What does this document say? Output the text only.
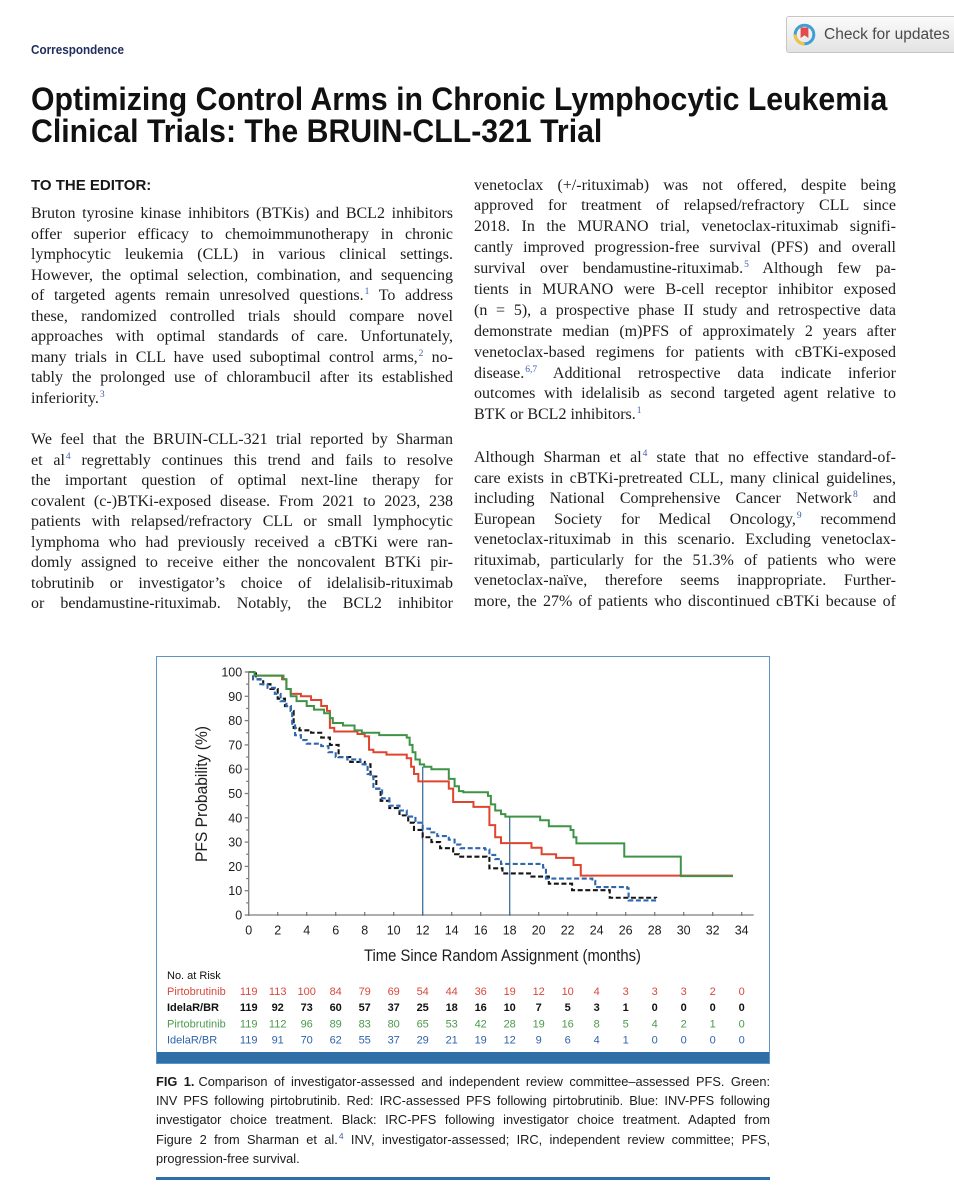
Correspondence
Check for updates
Optimizing Control Arms in Chronic Lymphocytic Leukemia
Clinical Trials: The BRUIN-CLL-321 Trial
TO THE EDITOR:
Bruton tyrosine kinase inhibitors (BTKis) and BCL2 inhibitors
offer superior efficacy to chemoimmunotherapy in chronic
lymphocytic leukemia (CLL) in various clinical settings.
However, the optimal selection, combination, and sequencing
of targeted agents remain unresolved questions.$^1$ To address
these, randomized controlled trials should compare novel
approaches with optimal standards of care. Unfortunately,
many trials in CLL have used suboptimal control arms,$^2$ no-
tably the prolonged use of chlorambucil after its established
inferiority.$^3$
We feel that the BRUIN-CLL-321 trial reported by Sharman
et al$^4$ regrettably continues this trend and fails to resolve
the important question of optimal next-line therapy for
covalent (c-)BTKi-exposed disease. From 2021 to 2023, 238
patients with relapsed/refractory CLL or small lymphocytic
lymphoma who had previously received a cBTKi were ran-
domly assigned to receive either the noncovalent BTKi pir-
tobrutinib or investigator’s choice of idelalisib-rituximab
or bendamustine-rituximab. Notably, the BCL2 inhibitor
venetoclax (+/-rituximab) was not offered, despite being
approved for treatment of relapsed/refractory CLL since
2018. In the MURANO trial, venetoclax-rituximab signifi-
cantly improved progression-free survival (PFS) and overall
survival over bendamustine-rituximab.$^5$ Although few pa-
tients in MURANO were B-cell receptor inhibitor exposed
(n = 5), a prospective phase II study and retrospective data
demonstrate median (m)PFS of approximately 2 years after
venetoclax-based regimens for patients with cBTKi-exposed
disease.$^{6,7}$ Additional retrospective data indicate inferior
outcomes with idelalisib as second targeted agent relative to
BTK or BCL2 inhibitors.$^1$
Although Sharman et al$^4$ state that no effective standard-of-
care exists in cBTKi-pretreated CLL, many clinical guidelines,
including National Comprehensive Cancer Network$^8$ and
European Society for Medical Oncology,$^9$ recommend
venetoclax-rituximab in this scenario. Excluding venetoclax-
rituximab, particularly for the 51.3% of patients who were
venetoclax-naïve, therefore seems inappropriate. Further-
more, the 27% of patients who discontinued cBTKi because of
Time Since Random Assignment (months)
PFS Probability (%)
0
10
20
30
40
50
60
70
80
90
100
0 2 4 6 8 10 12 14 16 18 20 22 24 26 28 30 32 34
No. at Risk
Pirtobrutinib 119 113 100 84 79 69 54 44 36 19 12 10 4 3 3 3 2 0
IdelaR/BR 119 92 73 60 57 37 25 18 16 10 7 5 3 1 0 0 0 0
Pirtobrutinib 119 112 96 89 83 80 65 53 42 28 19 16 8 5 4 2 1 0
IdelaR/BR 119 91 70 62 55 37 29 21 19 12 9 6 4 1 0 0 0 0
FIG 1. Comparison of investigator-assessed and independent review committee–assessed PFS. Green:
INV PFS following pirtobrutinib. Red: IRC-assessed PFS following pirtobrutinib. Blue: INV-PFS following
investigator choice treatment. Black: IRC-PFS following investigator choice treatment. Adapted from
Figure 2 from Sharman et al.$^4$ INV, investigator-assessed; IRC, independent review committee; PFS,
progression-free survival.
